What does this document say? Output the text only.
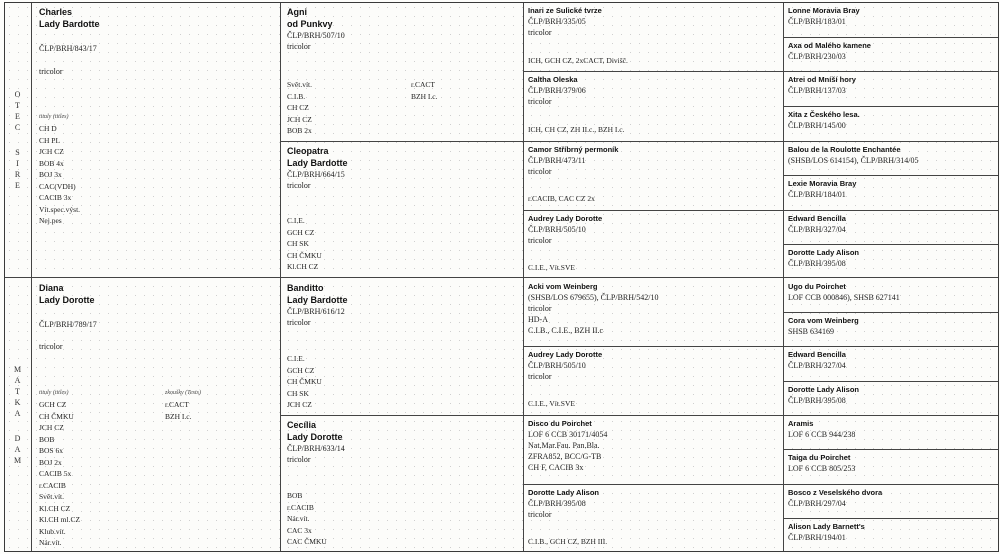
O
T
E
C
S
I
R
E
M
A
T
K
A
D
A
M
Charles
Lady Bardotte
ČLP/BRH/843/17
tricolor
tituly (titles)
CH D
CH PL
JCH CZ
BOB 4x
BOJ 3x
CAC(VDH)
CACIB 3x
Vít.spec.výst.
Nej.pes
Diana
Lady Dorotte
ČLP/BRH/789/17
tricolor
tituly (titles)	zkoušky (Tests)
GCH CZ
CH ČMKU
JCH CZ
BOB
BOS 6x
BOJ 2x
CACIB 5x
r.CACIB
Svět.vít.
Kl.CH CZ
Kl.CH ml.CZ
Klub.vít.
Nár.vít.
r.CACT
BZH I.c.
Agni
od Punkvy
ČLP/BRH/507/10
tricolor
Svět.vít.
C.I.B.
CH CZ
JCH CZ
BOB 2x
r.CACT
BZH I.c.
Cleopatra
Lady Bardotte
ČLP/BRH/664/15
tricolor
C.I.E.
GCH CZ
CH SK
CH ČMKU
Kl.CH CZ
Banditto
Lady Bardotte
ČLP/BRH/616/12
tricolor
C.I.E.
GCH CZ
CH ČMKU
CH SK
JCH CZ
Cecília
Lady Dorotte
ČLP/BRH/633/14
tricolor
BOB
r.CACIB
Nár.vít.
CAC 3x
CAC ČMKU
Inari ze Sulické tvrze
ČLP/BRH/335/05
tricolor
ICH, GCH CZ, 2xCACT, Divišč.
Caltha Oleska
ČLP/BRH/379/06
tricolor
ICH, CH CZ, ZH II.c., BZH I.c.
Camor Stříbrný permoník
ČLP/BRH/473/11
tricolor
r.CACIB, CAC CZ 2x
Audrey Lady Dorotte
ČLP/BRH/505/10
tricolor
C.I.E., Vít.SVE
Acki vom Weinberg
(SHSB/LOS 679655), ČLP/BRH/542/10
tricolor
HD-A
C.I.B., C.I.E., BZH II.c
Audrey Lady Dorotte
ČLP/BRH/505/10
tricolor
C.I.E., Vít.SVE
Disco du Poirchet
LOF 6 CCB 30171/4054
Nat.Mar.Fau. Pan.Bla.
ZFRA852, BCC/G-TB
CH F, CACIB 3x
Dorotte Lady Alison
ČLP/BRH/395/08
tricolor
C.I.B., GCH CZ, BZH III.
Lonne Moravia Bray
ČLP/BRH/183/01
Axa od Malého kamene
ČLP/BRH/230/03
Atrei od Mníší hory
ČLP/BRH/137/03
Xita z Českého lesa.
ČLP/BRH/145/00
Balou de la Roulotte Enchantée
(SHSB/LOS 614154), ČLP/BRH/314/05
Lexie Moravia Bray
ČLP/BRH/184/01
Edward Bencilla
ČLP/BRH/327/04
Dorotte Lady Alison
ČLP/BRH/395/08
Ugo du Poirchet
LOF CCB 000846), SHSB 627141
Cora vom Weinberg
SHSB 634169
Edward Bencilla
ČLP/BRH/327/04
Dorotte Lady Alison
ČLP/BRH/395/08
Aramis
LOF 6 CCB 944/238
Taiga du Poirchet
LOF 6 CCB 805/253
Bosco z Veselského dvora
ČLP/BRH/297/04
Alison Lady Barnett's
ČLP/BRH/194/01
